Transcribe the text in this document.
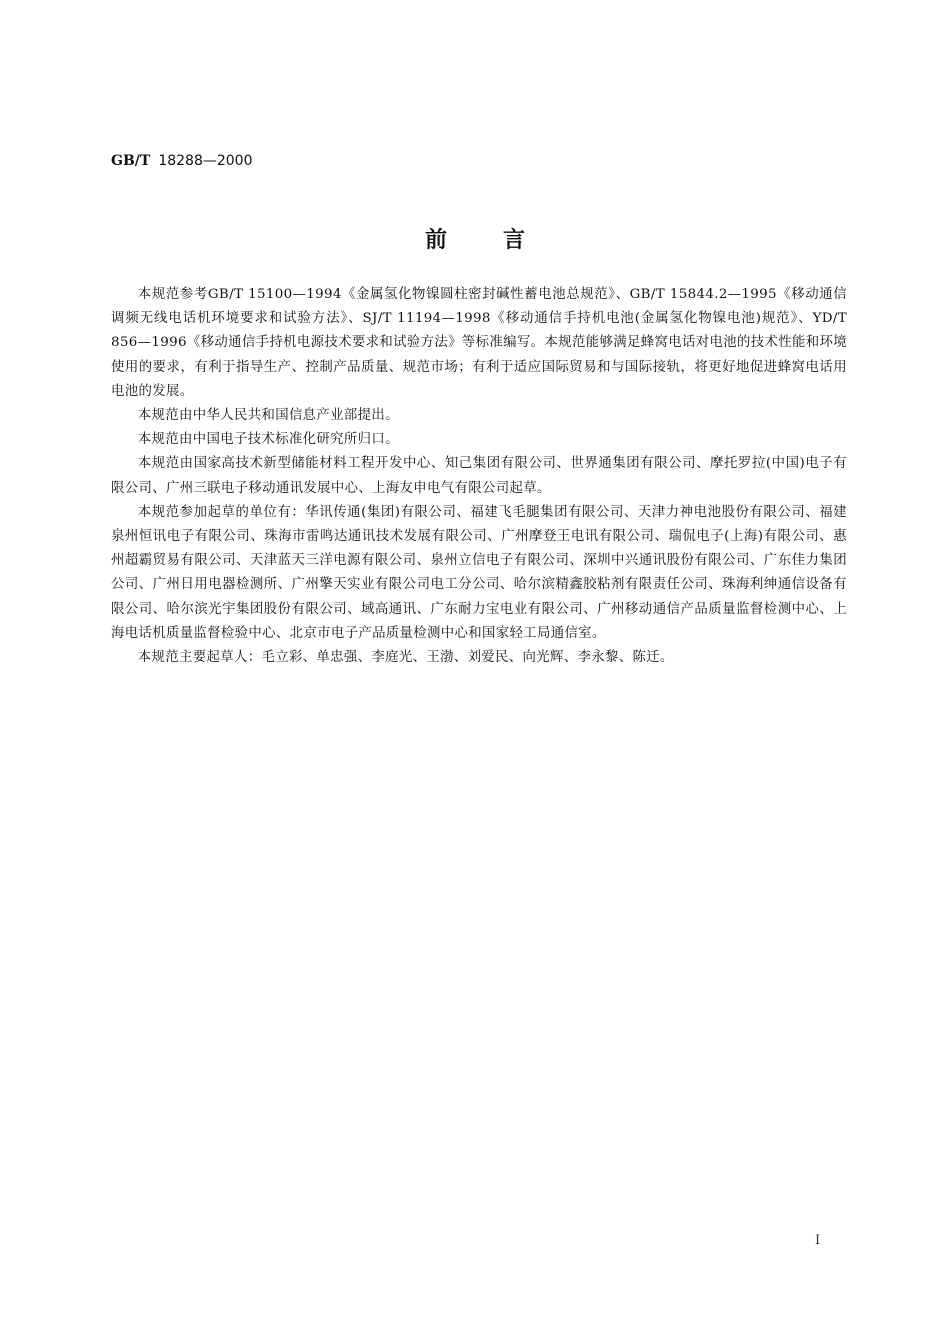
GB/T 18288—2000
前言

本规范参考GB/T 15100—1994《金属氢化物镍圆柱密封碱性蓄电池总规范》、GB/T 15844.2—1995《移动通信调频无线电话机环境要求和试验方法》、SJ/T 11194—1998《移动通信手持机电池(金属氢化物镍电池)规范》、YD/T 856—1996《移动通信手持机电源技术要求和试验方法》等标准编写。本规范能够满足蜂窝电话对电池的技术性能和环境使用的要求，有利于指导生产、控制产品质量、规范市场；有利于适应国际贸易和与国际接轨，将更好地促进蜂窝电话用电池的发展。

本规范由中华人民共和国信息产业部提出。

本规范由中国电子技术标准化研究所归口。

本规范由国家高技术新型储能材料工程开发中心、知己集团有限公司、世界通集团有限公司、摩托罗拉(中国)电子有限公司、广州三联电子移动通讯发展中心、上海友申电气有限公司起草。

本规范参加起草的单位有：华讯传通(集团)有限公司、福建飞毛腿集团有限公司、天津力神电池股份有限公司、福建泉州恒讯电子有限公司、珠海市雷鸣达通讯技术发展有限公司、广州摩登王电讯有限公司、瑞侃电子(上海)有限公司、惠州超霸贸易有限公司、天津蓝天三洋电源有限公司、泉州立信电子有限公司、深圳中兴通讯股份有限公司、广东佳力集团公司、广州日用电器检测所、广州擎天实业有限公司电工分公司、哈尔滨精鑫胶粘剂有限责任公司、珠海利绅通信设备有限公司、哈尔滨光宇集团股份有限公司、域高通讯、广东耐力宝电业有限公司、广州移动通信产品质量监督检测中心、上海电话机质量监督检验中心、北京市电子产品质量检测中心和国家轻工局通信室。

本规范主要起草人：毛立彩、单忠强、李庭光、王渤、刘爱民、向光辉、李永黎、陈迁。

I
